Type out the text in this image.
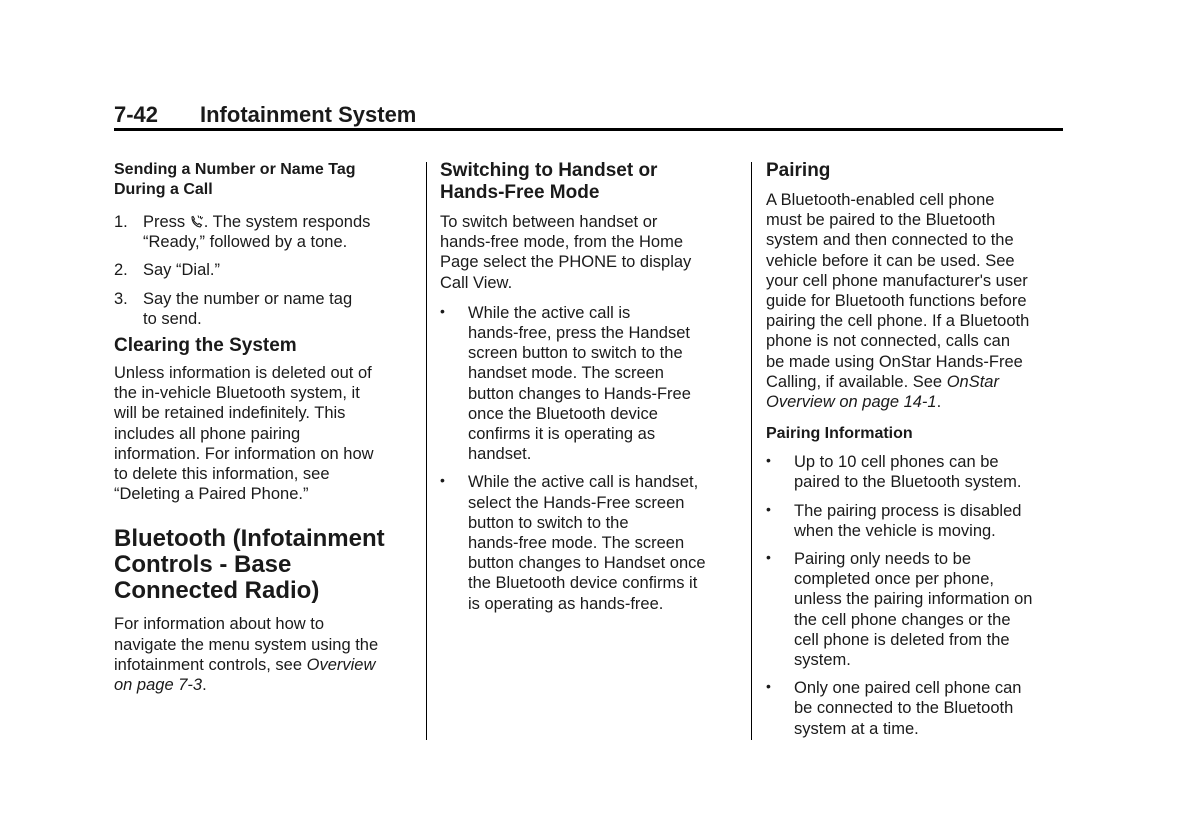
7-42 Infotainment System
Sending a Number or Name Tag
During a Call
1. Press . The system responds
“Ready,” followed by a tone.
2. Say “Dial.”
3. Say the number or name tag
to send.
Clearing the System

Unless information is deleted out of
the in-vehicle Bluetooth system, it
will be retained indefinitely. This
includes all phone pairing
information. For information on how
to delete this information, see
“Deleting a Paired Phone.”

Bluetooth (Infotainment
Controls - Base
Connected Radio)

For information about how to
navigate the menu system using the
infotainment controls, see Overview
on page 7-3.

Switching to Handset or
Hands-Free Mode

To switch between handset or
hands-free mode, from the Home
Page select the PHONE to display
Call View.

• While the active call is
hands-free, press the Handset
screen button to switch to the
handset mode. The screen
button changes to Hands-Free
once the Bluetooth device
confirms it is operating as
handset.
• While the active call is handset,
select the Hands-Free screen
button to switch to the
hands-free mode. The screen
button changes to Handset once
the Bluetooth device confirms it
is operating as hands-free.
Pairing

A Bluetooth-enabled cell phone
must be paired to the Bluetooth
system and then connected to the
vehicle before it can be used. See
your cell phone manufacturer's user
guide for Bluetooth functions before
pairing the cell phone. If a Bluetooth
phone is not connected, calls can
be made using OnStar Hands-Free
Calling, if available. See OnStar
Overview on page 14-1.

Pairing Information
• Up to 10 cell phones can be
paired to the Bluetooth system.
• The pairing process is disabled
when the vehicle is moving.
• Pairing only needs to be
completed once per phone,
unless the pairing information on
the cell phone changes or the
cell phone is deleted from the
system.
• Only one paired cell phone can
be connected to the Bluetooth
system at a time.
